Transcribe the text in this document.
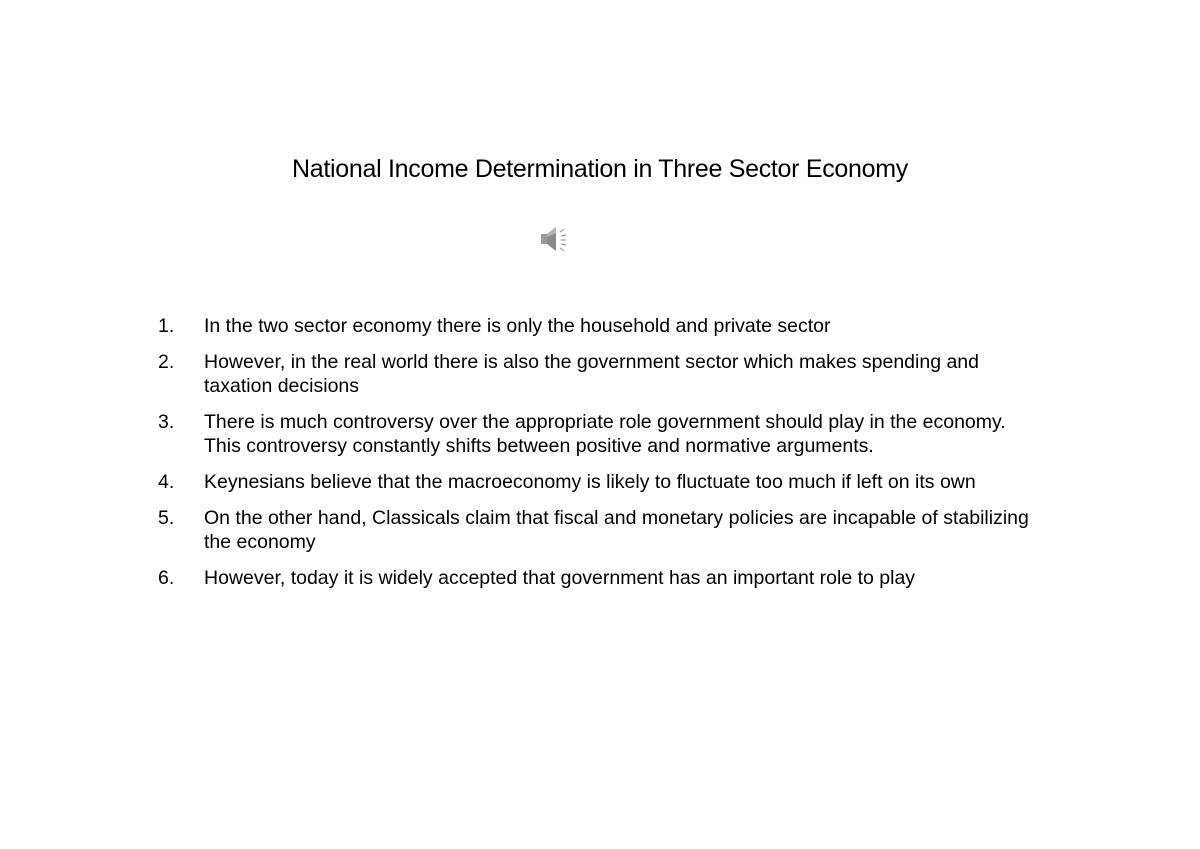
National Income Determination in Three Sector Economy
1.	In the two sector economy there is only the household and private sector
2.	However, in the real world there is also the government sector which makes spending and taxation decisions
3.	There is much controversy over the appropriate role government should play in the economy. This controversy constantly shifts between positive and normative arguments.
4.	Keynesians believe that the macroeconomy is likely to fluctuate too much if left on its own
5.	On the other hand, Classicals claim that fiscal and monetary policies are incapable of stabilizing the economy
6.	However, today it is widely accepted that government has an important role to play
